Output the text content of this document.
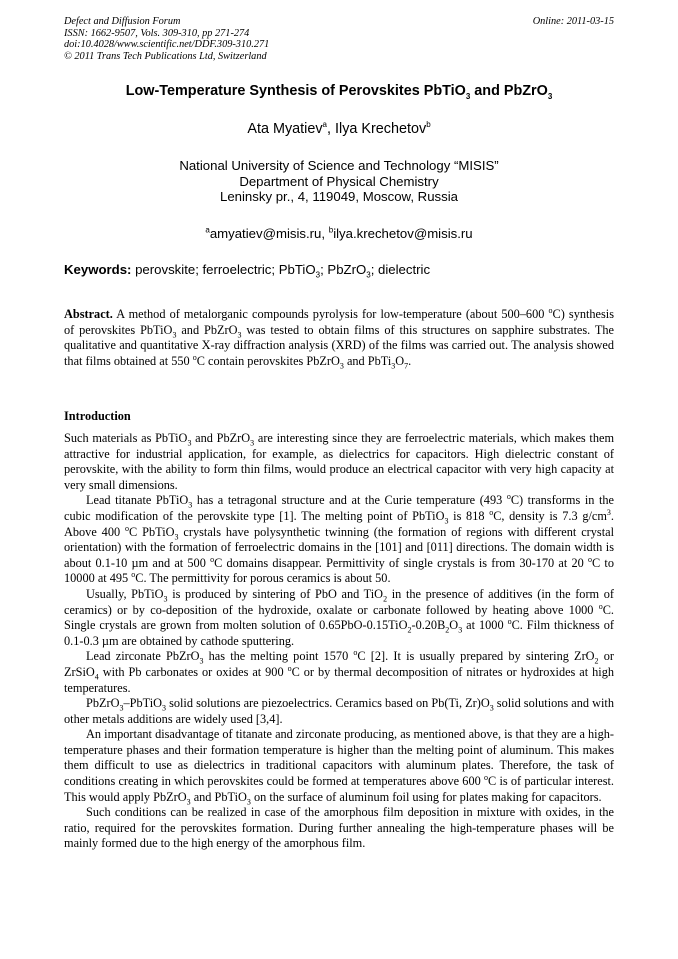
Defect and Diffusion Forum
ISSN: 1662-9507, Vols. 309-310, pp 271-274
doi:10.4028/www.scientific.net/DDF.309-310.271
© 2011 Trans Tech Publications Ltd, Switzerland
Online: 2011-03-15
Low-Temperature Synthesis of Perovskites PbTiO$_3$ and PbZrO$_3$
Ata Myatiev$^a$, Ilya Krechetov$^b$
National University of Science and Technology “MISIS”
Department of Physical Chemistry
Leninsky pr., 4, 119049, Moscow, Russia
$^a$amyatiev@misis.ru, $^b$ilya.krechetov@misis.ru
Keywords: perovskite; ferroelectric; PbTiO$_3$; PbZrO$_3$; dielectric

Abstract. A method of metalorganic compounds pyrolysis for low-temperature (about 500–600 $^o$C) synthesis of perovskites PbTiO$_3$ and PbZrO$_3$ was tested to obtain films of this structures on sapphire substrates. The qualitative and quantitative X-ray diffraction analysis (XRD) of the films was carried out. The analysis showed that films obtained at 550 $^o$C contain perovskites PbZrO$_3$ and $PbTi_3O_7$.

Introduction

Such materials as PbTiO$_3$ and PbZrO$_3$ are interesting since they are ferroelectric materials, which makes them attractive for industrial application, for example, as dielectrics for capacitors. High dielectric constant of perovskite, with the ability to form thin films, would produce an electrical capacitor with very high capacity at very small dimensions.

Lead titanate PbTiO$_3$ has a tetragonal structure and at the Curie temperature (493 $^o$C) transforms in the cubic modification of the perovskite type [1]. The melting point of PbTiO$_3$ is 818 $^o$C, density is 7.3 $g/cm^3$. Above 400 $^o$C PbTiO$_3$ crystals have polysynthetic twinning (the formation of regions with different crystal orientation) with the formation of ferroelectric domains in the [101] and [011] directions. The domain width is about 0.1-10 µm and at 500 $^o$C domains disappear. Permittivity of single crystals is from 30-170 at 20 $^o$C to 10000 at 495 $^o$C. The permittivity for porous ceramics is about 50.

Usually, PbTiO$_3$ is produced by sintering of PbO and TiO$_2$ in the presence of additives (in the form of ceramics) or by co-deposition of the hydroxide, oxalate or carbonate followed by heating above 1000 $^o$C. Single crystals are grown from molten solution of $0.65PbO-0.15TiO_2-0.20B_2O_3$ at 1000 $^o$C. Film thickness of 0.1-0.3 µm are obtained by cathode sputtering.

Lead zirconate PbZrO$_3$ has the melting point 1570 $^o$C [2]. It is usually prepared by sintering ZrO$_2$ or ZrSiO$_4$ with Pb carbonates or oxides at 900 $^o$C or by thermal decomposition of nitrates or hydroxides at high temperatures.

PbZrO$_3$–PbTiO$_3$ solid solutions are piezoelectrics. Ceramics based on Pb(Ti, $Zr)O_3$ solid solutions and with other metals additions are widely used [3,4].

An important disadvantage of titanate and zirconate producing, as mentioned above, is that they are a high-temperature phases and their formation temperature is higher than the melting point of aluminum. This makes them difficult to use as dielectrics in traditional capacitors with aluminum plates. Therefore, the task of conditions creating in which perovskites could be formed at temperatures above 600 $^o$C is of particular interest. This would apply PbZrO$_3$ and PbTiO$_3$ on the surface of aluminum foil using for plates making for capacitors.

Such conditions can be realized in case of the amorphous film deposition in mixture with oxides, in the ratio, required for the perovskites formation. During further annealing the high-temperature phases will be mainly formed due to the high energy of the amorphous film.
